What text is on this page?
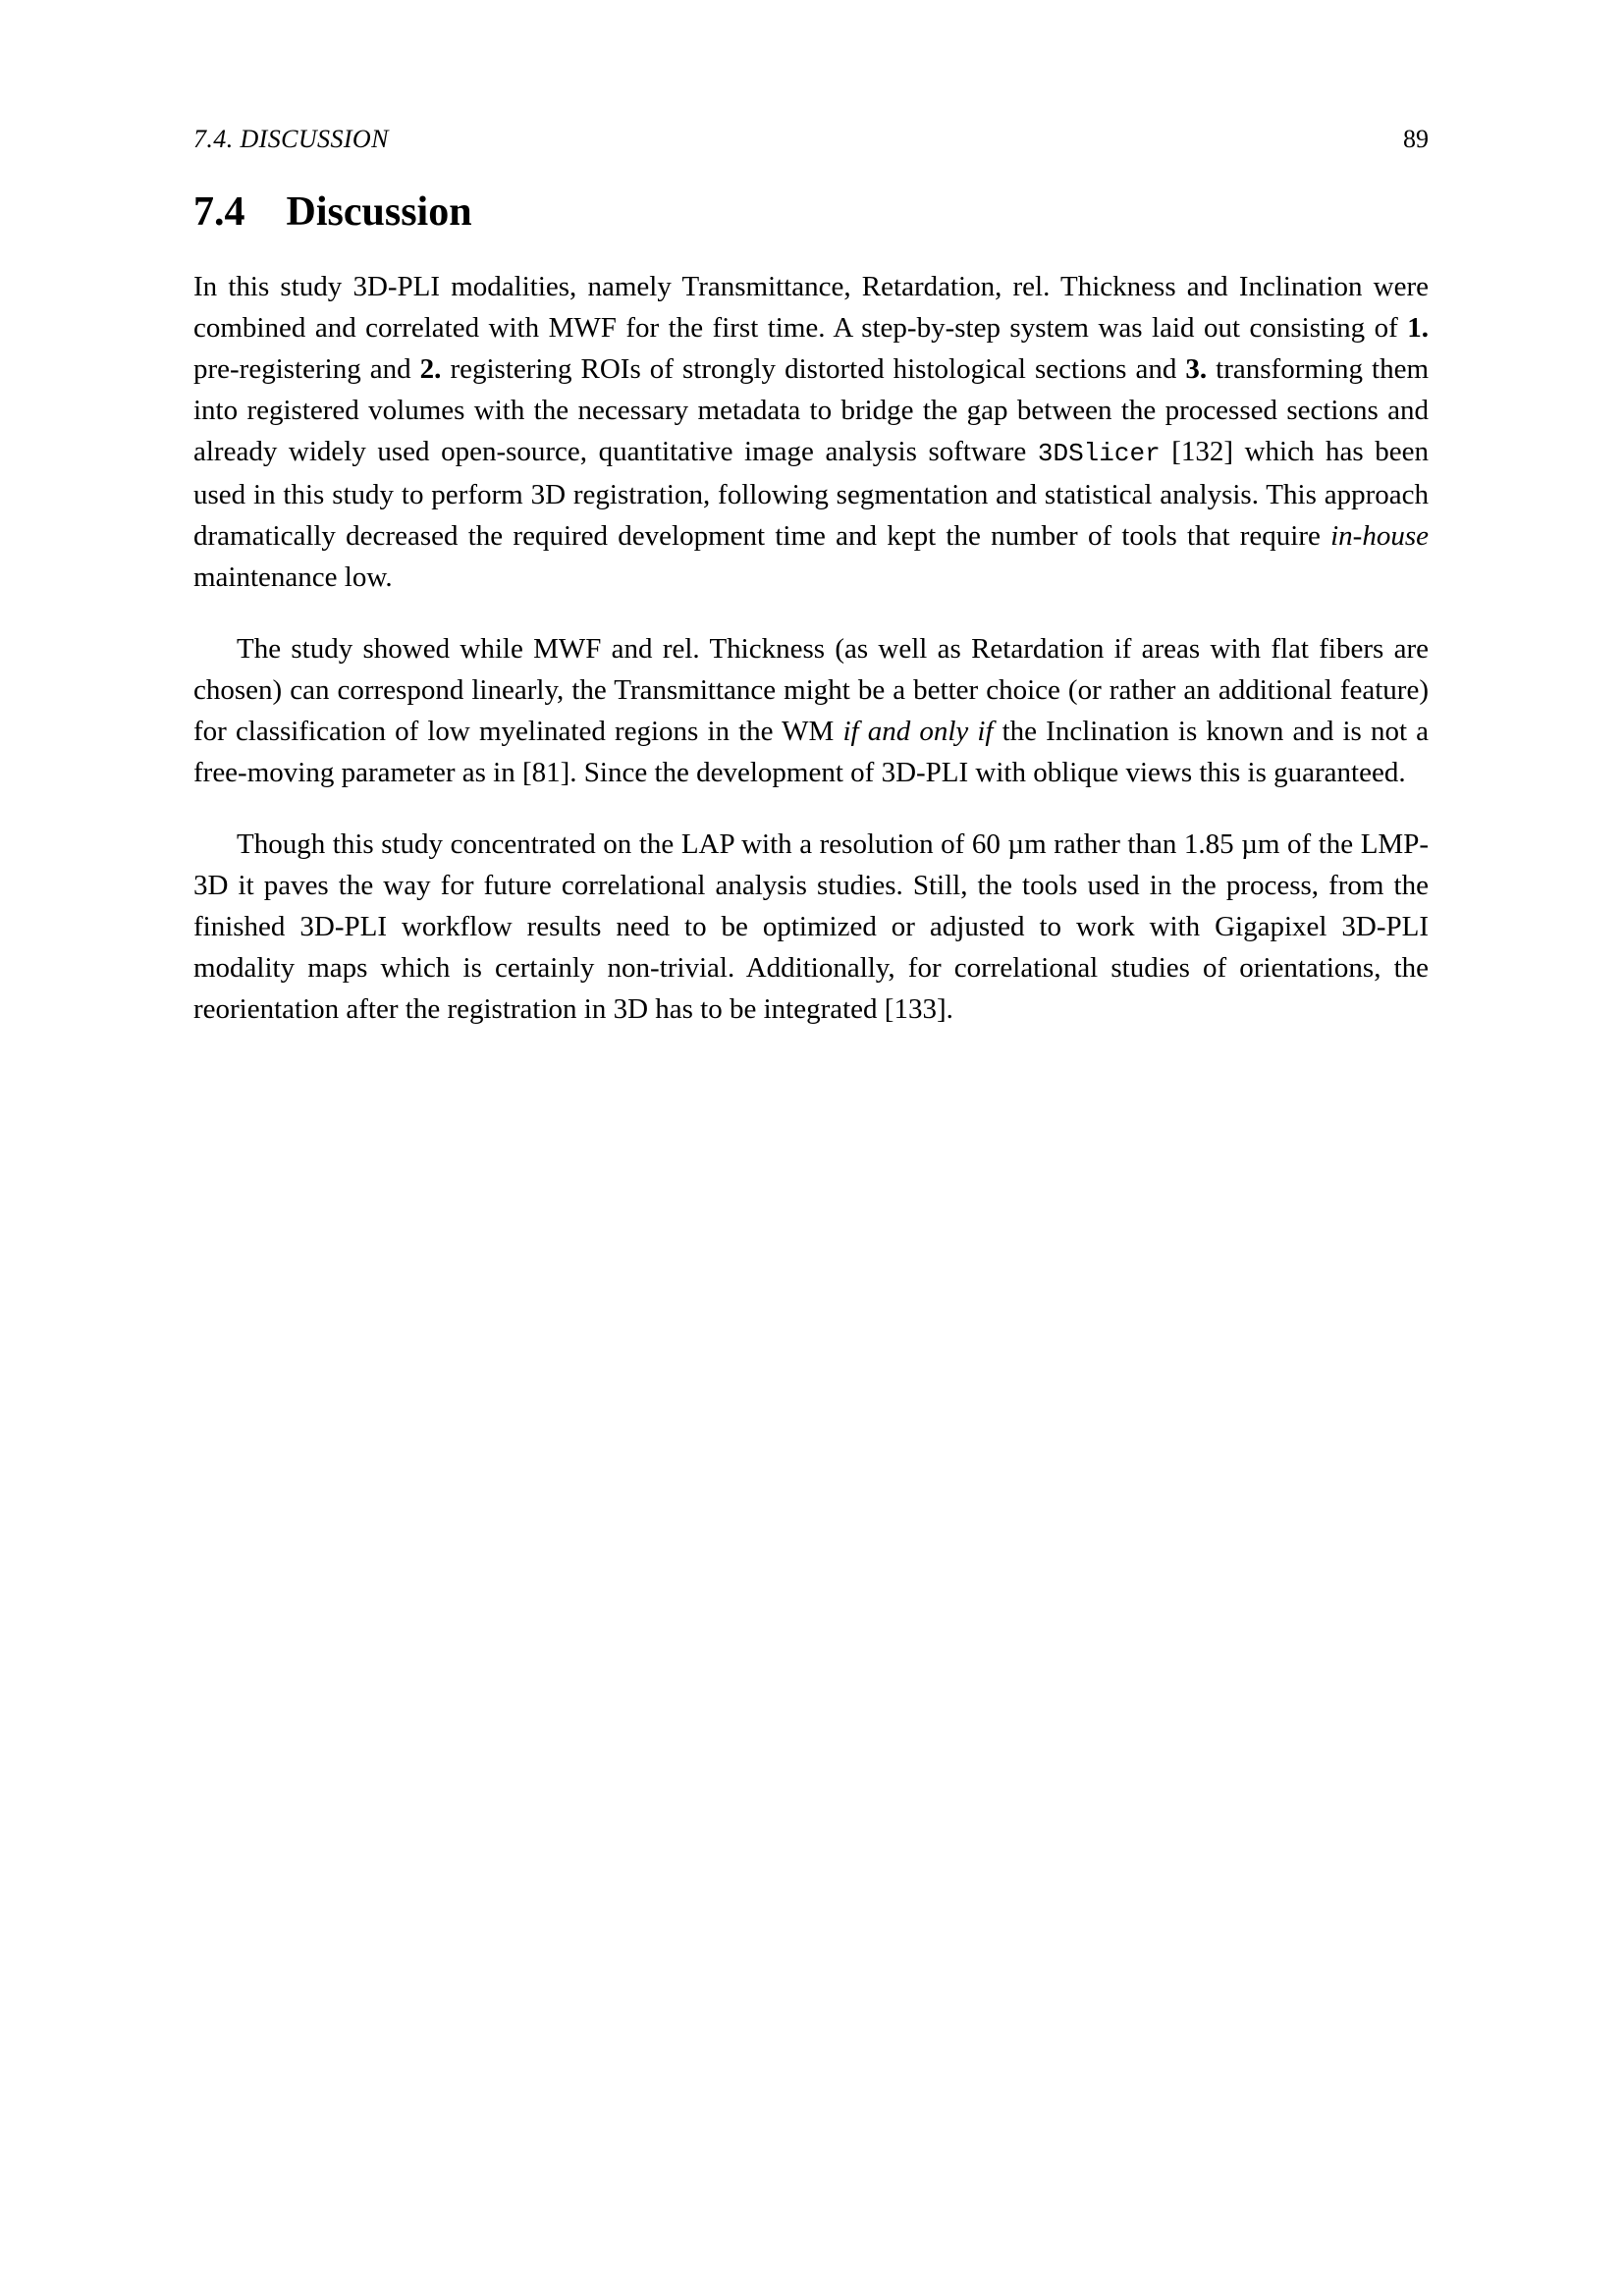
7.4. DISCUSSION	89
7.4 Discussion

In this study 3D-PLI modalities, namely Transmittance, Retardation, rel. Thickness and Inclination were combined and correlated with MWF for the first time. A step-by-step system was laid out consisting of 1. pre-registering and 2. registering ROIs of strongly distorted histological sections and 3. transforming them into registered volumes with the necessary metadata to bridge the gap between the processed sections and already widely used open-source, quantitative image analysis software 3DSlicer [132] which has been used in this study to perform 3D registration, following segmentation and statistical analysis. This approach dramatically decreased the required development time and kept the number of tools that require in-house maintenance low.

The study showed while MWF and rel. Thickness (as well as Retardation if areas with flat fibers are chosen) can correspond linearly, the Transmittance might be a better choice (or rather an additional feature) for classification of low myelinated regions in the WM if and only if the Inclination is known and is not a free-moving parameter as in [81]. Since the development of 3D-PLI with oblique views this is guaranteed.

Though this study concentrated on the LAP with a resolution of 60 µm rather than 1.85 µm of the LMP-3D it paves the way for future correlational analysis studies. Still, the tools used in the process, from the finished 3D-PLI workflow results need to be optimized or adjusted to work with Gigapixel 3D-PLI modality maps which is certainly non-trivial. Additionally, for correlational studies of orientations, the reorientation after the registration in 3D has to be integrated [133].
